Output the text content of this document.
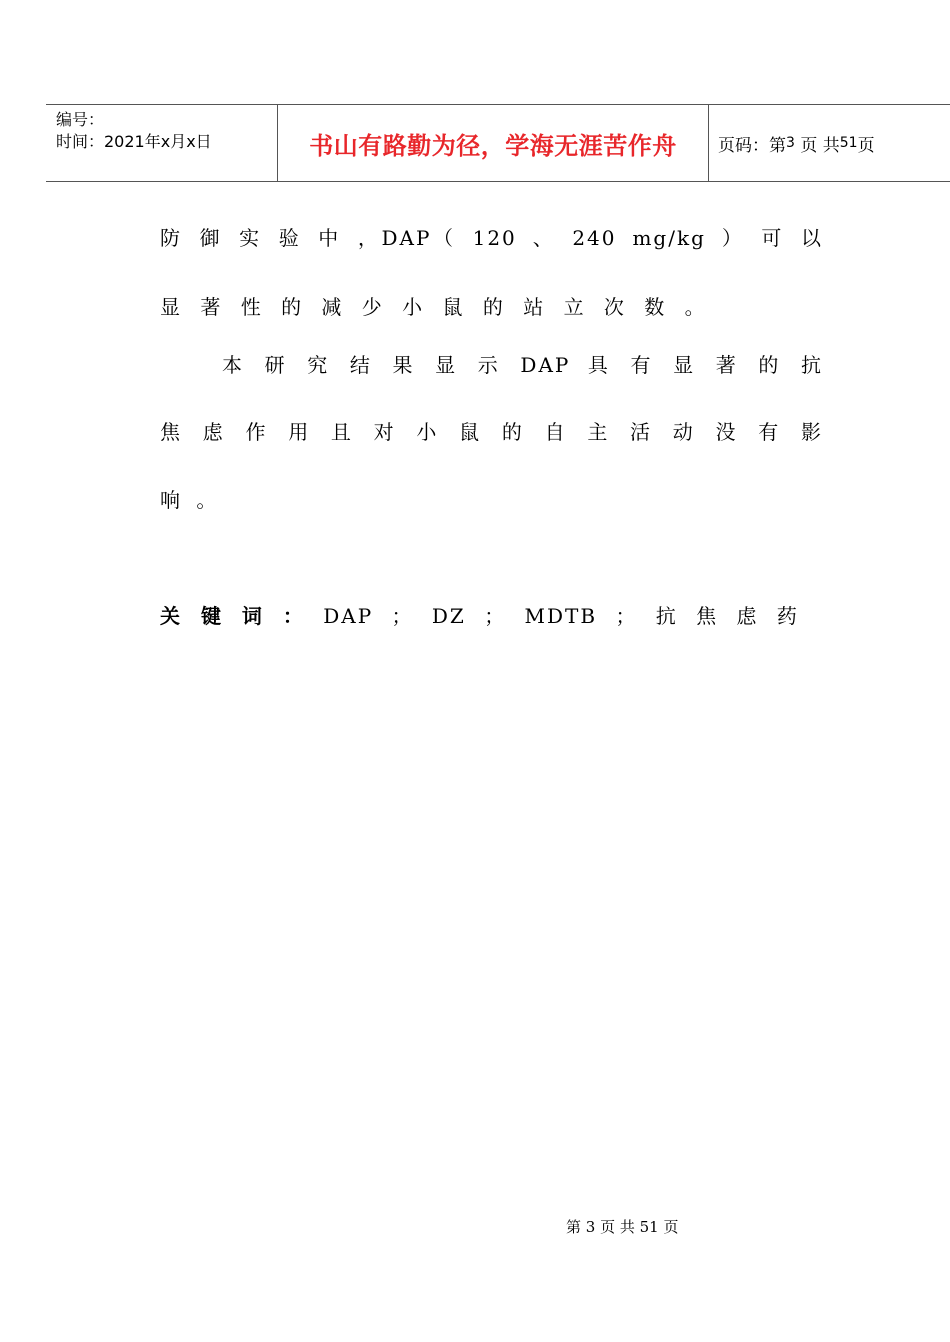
编号：
时间：2021年x月x日	书山有路勤为径，学海无涯苦作舟	页码：第 3
页 共 51 页
防 御 实 验 中 ，DAP（ 120 、 240 mg/kg ） 可 以
显 著 性 的 减 少 小 鼠 的 站 立 次 数 。
本 研 究 结 果 显 示 DAP 具 有 显 著 的 抗
焦 虑 作 用 且 对 小 鼠 的 自 主 活 动 没 有 影
响 。
关 键 词 ： DAP ； DZ ； MDTB ； 抗 焦 虑 药
第 3 页 共 51 页
